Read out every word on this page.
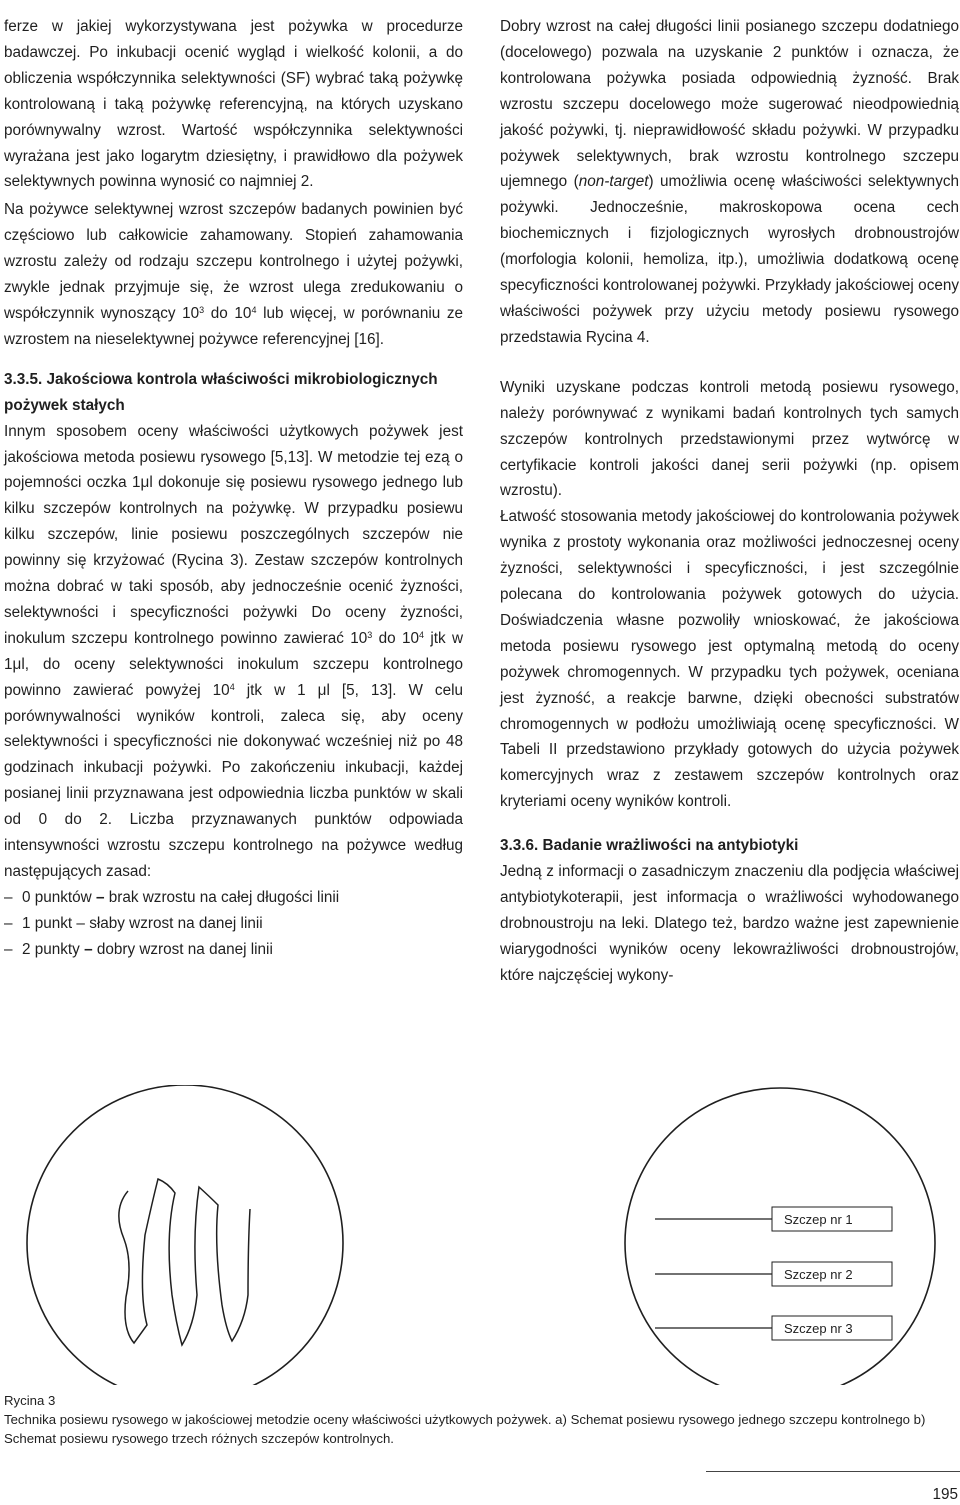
ferze w jakiej wykorzystywana jest pożywka w procedurze badawczej. Po inkubacji ocenić wygląd i wielkość kolonii, a do obliczenia współczynnika selektywności (SF) wybrać taką pożywkę kontrolowaną i taką pożywkę referencyjną, na których uzyskano porównywalny wzrost. Wartość współczynnika selektywności wyrażana jest jako logarytm dziesiętny, i prawidłowo dla pożywek selektywnych powinna wynosić co najmniej 2.

Na pożywce selektywnej wzrost szczepów badanych powinien być częściowo lub całkowicie zahamowany. Stopień zahamowania wzrostu zależy od rodzaju szczepu kontrolnego i użytej pożywki, zwykle jednak przyjmuje się, że wzrost ulega zredukowaniu o współczynnik wynoszący $10^3$ do $10^4$ lub więcej, w porównaniu ze wzrostem na nieselektywnej pożywce referencyjnej [16].

3.3.5. Jakościowa kontrola właściwości mikrobiologicznych pożywek stałych

Innym sposobem oceny właściwości użytkowych pożywek jest jakościowa metoda posiewu rysowego [5,13]. W metodzie tej ezą o pojemności oczka 1μl dokonuje się posiewu rysowego jednego lub kilku szczepów kontrolnych na pożywkę. W przypadku posiewu kilku szczepów, linie posiewu poszczególnych szczepów nie powinny się krzyżować (Rycina 3). Zestaw szczepów kontrolnych można dobrać w taki sposób, aby jednocześnie ocenić żyzności, selektywności i specyficzności pożywki Do oceny żyzności, inokulum szczepu kontrolnego powinno zawierać $10^3$ do $10^4$ jtk w 1μl, do oceny selektywności inokulum szczepu kontrolnego powinno zawierać powyżej $10^4$ jtk w 1 μl [5, 13]. W celu porównywalności wyników kontroli, zaleca się, aby oceny selektywności i specyficzności nie dokonywać wcześniej niż po 48 godzinach inkubacji pożywki. Po zakończeniu inkubacji, każdej posianej linii przyznawana jest odpowiednia liczba punktów w skali od 0 do 2. Liczba przyznawanych punktów odpowiada intensywności wzrostu szczepu kontrolnego na pożywce według następujących zasad:

– 0 punktów – brak wzrostu na całej długości linii
– 1 punkt – słaby wzrost na danej linii
– 2 punkty – dobry wzrost na danej linii

Dobry wzrost na całej długości linii posianego szczepu dodatniego (docelowego) pozwala na uzyskanie 2 punktów i oznacza, że kontrolowana pożywka posiada odpowiednią żyzność. Brak wzrostu szczepu docelowego może sugerować nieodpowiednią jakość pożywki, tj. nieprawidłowość składu pożywki. W przypadku pożywek selektywnych, brak wzrostu kontrolnego szczepu ujemnego (non-target) umożliwia ocenę właściwości selektywnych pożywki. Jednocześnie, makroskopowa ocena cech biochemicznych i fizjologicznych wyrosłych drobnoustrojów (morfologia kolonii, hemoliza, itp.), umożliwia dodatkową ocenę specyficzności kontrolowanej pożywki. Przykłady jakościowej oceny właściwości pożywek przy użyciu metody posiewu rysowego przedstawia Rycina 4.

Wyniki uzyskane podczas kontroli metodą posiewu rysowego, należy porównywać z wynikami badań kontrolnych tych samych szczepów kontrolnych przedstawionymi przez wytwórcę w certyfikacie kontroli jakości danej serii pożywki (np. opisem wzrostu).

Łatwość stosowania metody jakościowej do kontrolowania pożywek wynika z prostoty wykonania oraz możliwości jednoczesnej oceny żyzności, selektywności i specyficzności, i jest szczególnie polecana do kontrolowania pożywek gotowych do użycia. Doświadczenia własne pozwoliły wnioskować, że jakościowa metoda posiewu rysowego jest optymalną metodą do oceny pożywek chromogennych. W przypadku tych pożywek, oceniana jest żyzność, a reakcje barwne, dzięki obecności substratów chromogennych w podłożu umożliwiają ocenę specyficzności. W Tabeli II przedstawiono przykłady gotowych do użycia pożywek komercyjnych wraz z zestawem szczepów kontrolnych oraz kryteriami oceny wyników kontroli.

3.3.6. Badanie wrażliwości na antybiotyki

Jedną z informacji o zasadniczym znaczeniu dla podjęcia właściwej antybiotykoterapii, jest informacja o wrażliwości wyhodowanego drobnoustroju na leki. Dlatego też, bardzo ważne jest zapewnienie wiarygodności wyników oceny lekowrażliwości drobnoustrojów, które najczęściej wykony-

Szczep nr 1
Szczep nr 2
Szczep nr 3

Rycina 3

Technika posiewu rysowego w jakościowej metodzie oceny właściwości użytkowych pożywek. a) Schemat posiewu rysowego jednego szczepu kontrolnego b) Schemat posiewu rysowego trzech różnych szczepów kontrolnych.

195
